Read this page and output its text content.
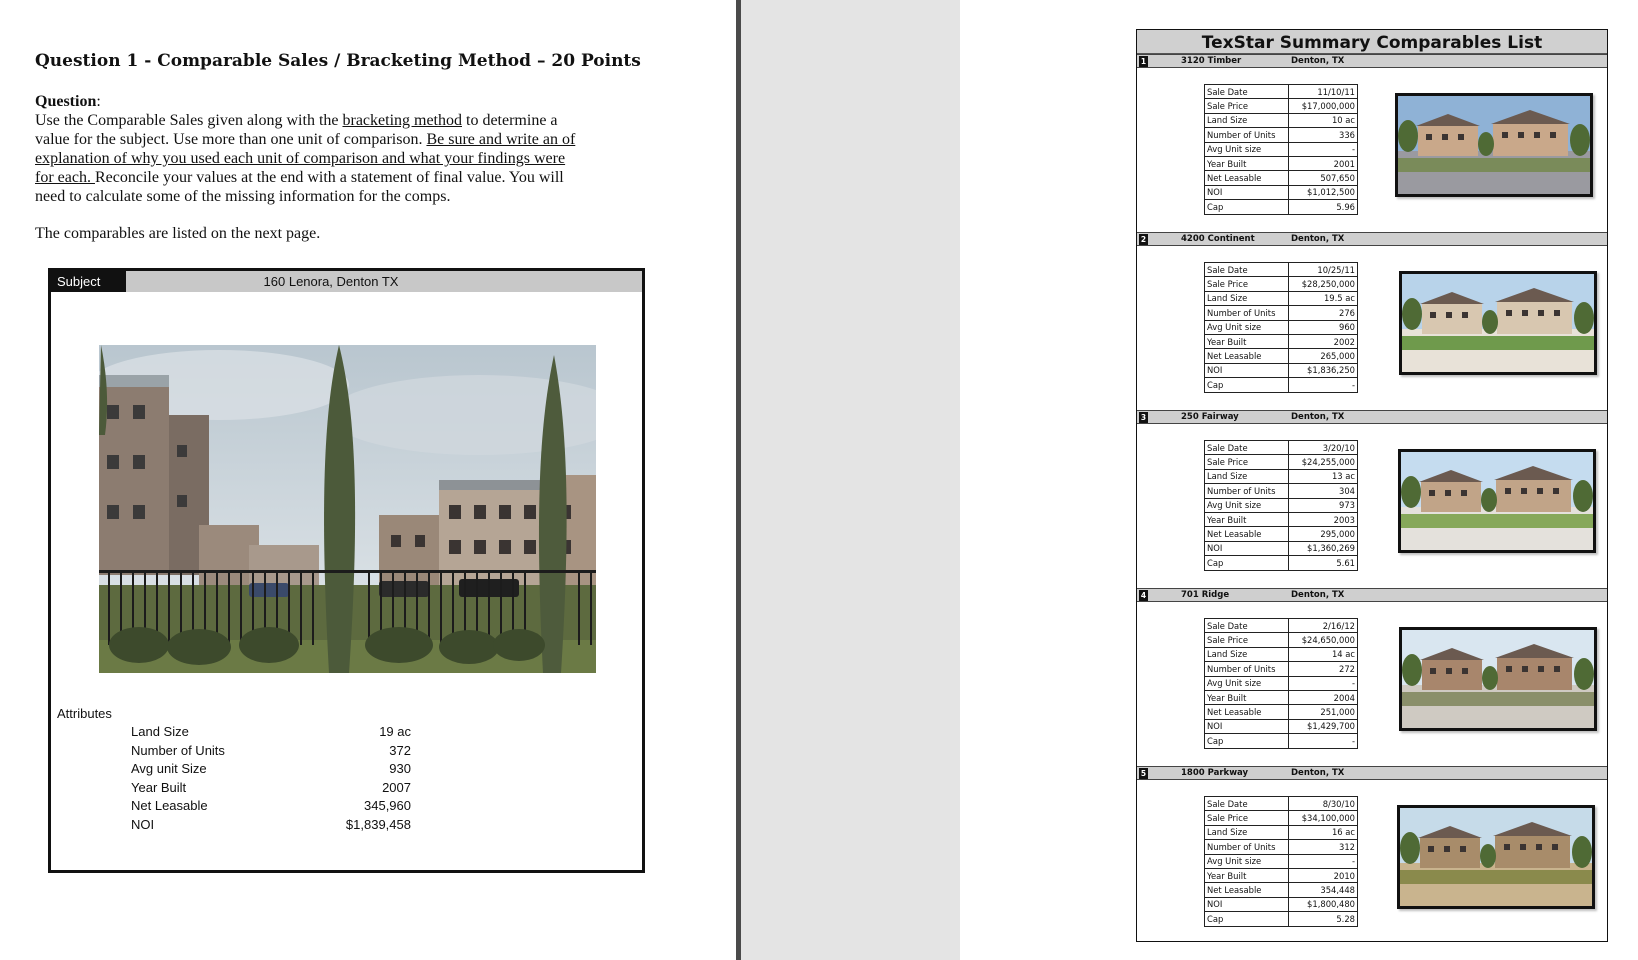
Question 1 - Comparable Sales / Bracketing Method – 20 Points
Question:
Use the Comparable Sales given along with the bracketing method to determine a
value for the subject. Use more than one unit of comparison. Be sure and write an of
explanation of why you used each unit of comparison and what your findings were
for each. Reconcile your values at the end with a statement of final value. You will
need to calculate some of the missing information for the comps.
The comparables are listed on the next page.
Subject	160 Lenora, Denton TX
Attributes
Land Size	19 ac
Number of Units	372
Avg unit Size	930
Year Built	2007
Net Leasable	345,960
NOI	$1,839,458
TexStar Summary Comparables List
1	3120 Timber	Denton, TX
Sale Date	11/10/11
Sale Price	$17,000,000
Land Size	10 ac
Number of Units	336
Avg Unit size	-
Year Built	2001
Net Leasable	507,650
NOI	$1,012,500
Cap	5.96
2	4200 Continent	Denton, TX
Sale Date	10/25/11
Sale Price	$28,250,000
Land Size	19.5 ac
Number of Units	276
Avg Unit size	960
Year Built	2002
Net Leasable	265,000
NOI	$1,836,250
Cap	-
3	250 Fairway	Denton, TX
Sale Date	3/20/10
Sale Price	$24,255,000
Land Size	13 ac
Number of Units	304
Avg Unit size	973
Year Built	2003
Net Leasable	295,000
NOI	$1,360,269
Cap	5.61
4	701 Ridge	Denton, TX
Sale Date	2/16/12
Sale Price	$24,650,000
Land Size	14 ac
Number of Units	272
Avg Unit size	-
Year Built	2004
Net Leasable	251,000
NOI	$1,429,700
Cap	-
5	1800 Parkway	Denton, TX
Sale Date	8/30/10
Sale Price	$34,100,000
Land Size	16 ac
Number of Units	312
Avg Unit size	-
Year Built	2010
Net Leasable	354,448
NOI	$1,800,480
Cap	5.28
